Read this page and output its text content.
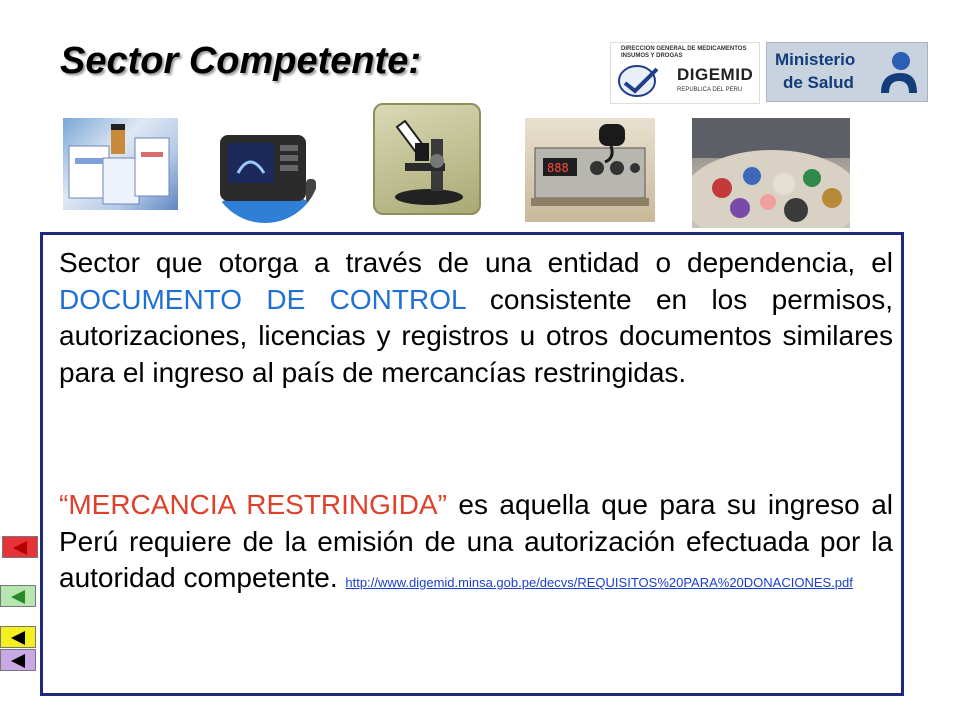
Sector Competente:	DIRECCION GENERAL DE MEDICAMENTOS INSUMOS Y DROGAS
DIGEMID
REPUBLICA DEL PERU
Ministerio
de Salud
888
Sector que otorga a través de una entidad o dependencia, el DOCUMENTO DE CONTROL consistente en los permisos, autorizaciones, licencias y registros u otros documentos similares para el ingreso al país de mercancías restringidas.
“MERCANCIA RESTRINGIDA” es aquella que para su ingreso al Perú requiere de la emisión de una autorización efectuada por la autoridad competente. http://www.digemid.minsa.gob.pe/decvs/REQUISITOS%20PARA%20DONACIONES.pdf
